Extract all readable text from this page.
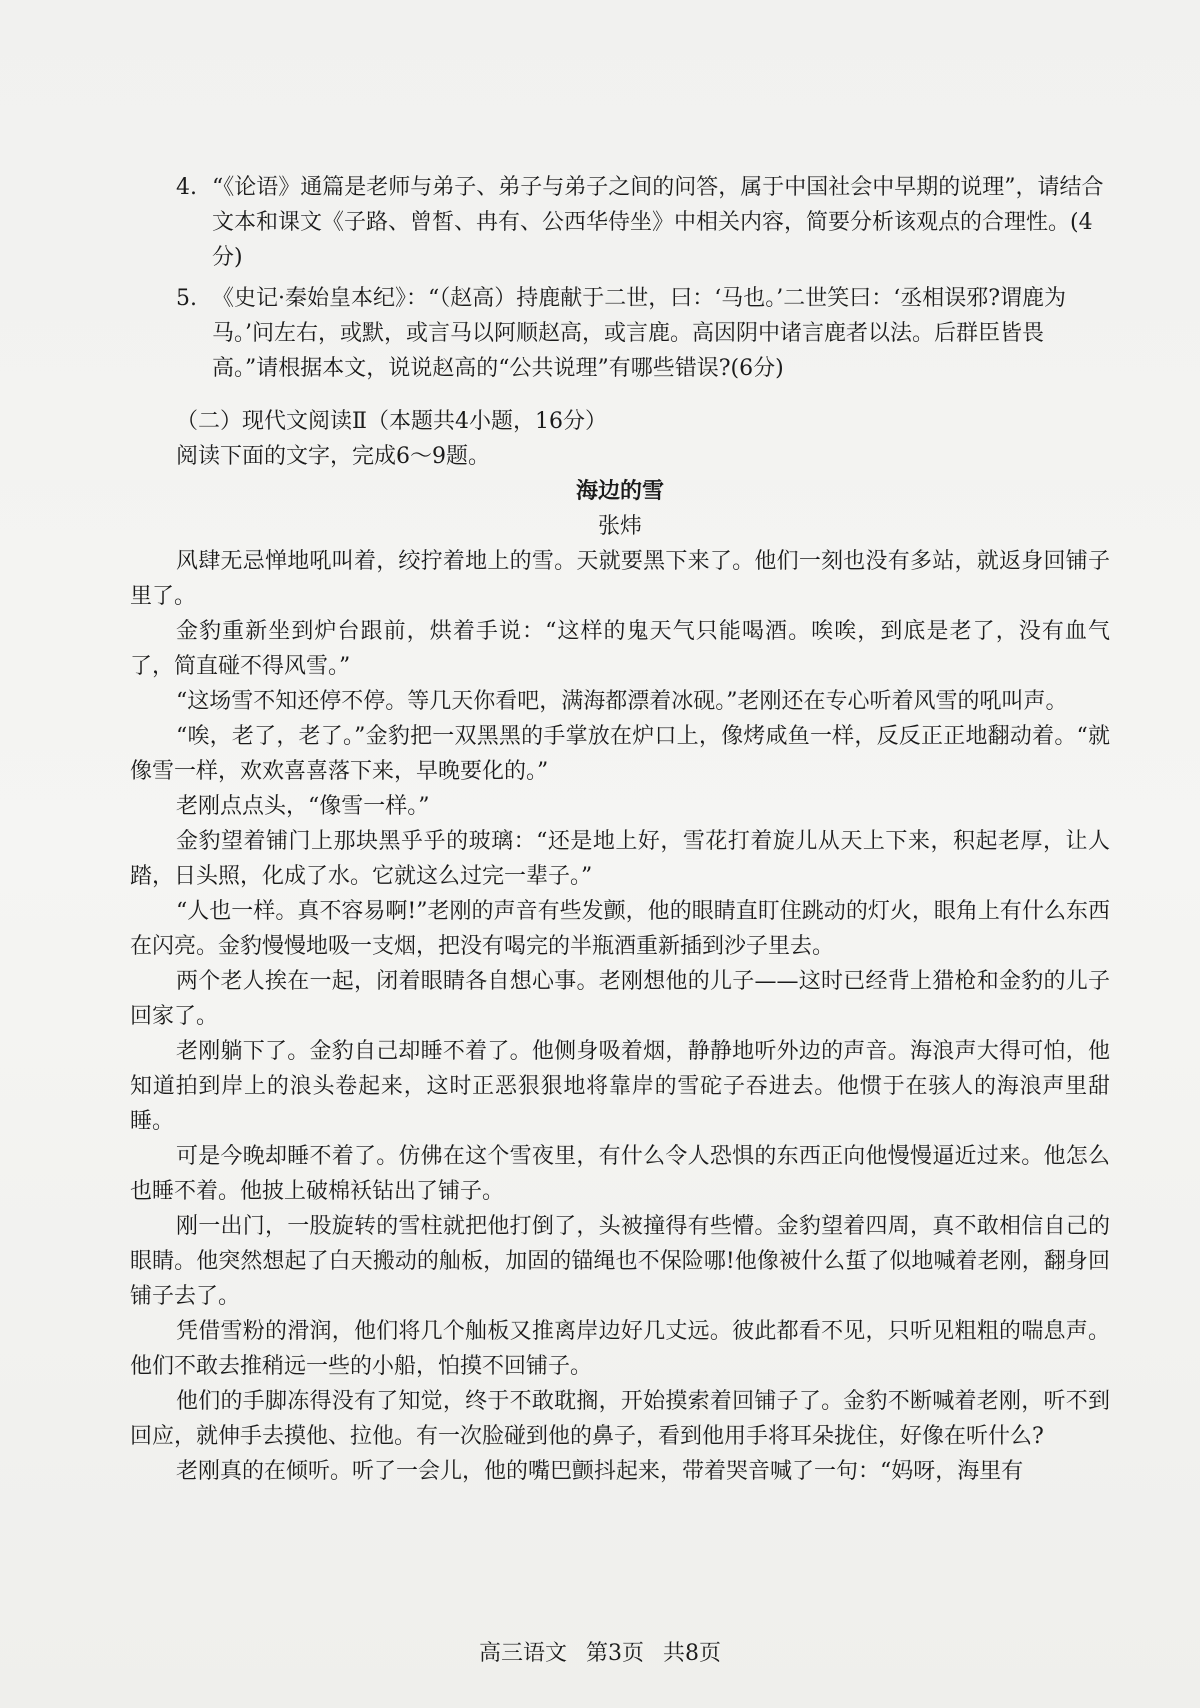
4. “《论语》通篇是老师与弟子、弟子与弟子之间的问答，属于中国社会中早期的说理”，请结合文本和课文《子路、曾皙、冉有、公西华侍坐》中相关内容，简要分析该观点的合理性。(4分)
5. 《史记·秦始皇本纪》：“（赵高）持鹿献于二世，曰：‘马也。’二世笑曰：‘丞相误邪?谓鹿为马。’问左右，或默，或言马以阿顺赵高，或言鹿。高因阴中诸言鹿者以法。后群臣皆畏高。”请根据本文，说说赵高的“公共说理”有哪些错误?(6分)

（二）现代文阅读Ⅱ（本题共4小题，16分）

阅读下面的文字，完成6～9题。

海边的雪

张炜

风肆无忌惮地吼叫着，绞拧着地上的雪。天就要黑下来了。他们一刻也没有多站，就返身回铺子里了。

金豹重新坐到炉台跟前，烘着手说：“这样的鬼天气只能喝酒。唉唉，到底是老了，没有血气了，简直碰不得风雪。”

“这场雪不知还停不停。等几天你看吧，满海都漂着冰砚。”老刚还在专心听着风雪的吼叫声。

“唉，老了，老了。”金豹把一双黑黑的手掌放在炉口上，像烤咸鱼一样，反反正正地翻动着。“就像雪一样，欢欢喜喜落下来，早晚要化的。”

老刚点点头，“像雪一样。”

金豹望着铺门上那块黑乎乎的玻璃：“还是地上好，雪花打着旋儿从天上下来，积起老厚，让人踏，日头照，化成了水。它就这么过完一辈子。”

“人也一样。真不容易啊!”老刚的声音有些发颤，他的眼睛直盯住跳动的灯火，眼角上有什么东西在闪亮。金豹慢慢地吸一支烟，把没有喝完的半瓶酒重新插到沙子里去。

两个老人挨在一起，闭着眼睛各自想心事。老刚想他的儿子——这时已经背上猎枪和金豹的儿子回家了。

老刚躺下了。金豹自己却睡不着了。他侧身吸着烟，静静地听外边的声音。海浪声大得可怕，他知道拍到岸上的浪头卷起来，这时正恶狠狠地将靠岸的雪砣子吞进去。他惯于在骇人的海浪声里甜睡。

可是今晚却睡不着了。仿佛在这个雪夜里，有什么令人恐惧的东西正向他慢慢逼近过来。他怎么也睡不着。他披上破棉袄钻出了铺子。

刚一出门，一股旋转的雪柱就把他打倒了，头被撞得有些懵。金豹望着四周，真不敢相信自己的眼睛。他突然想起了白天搬动的舢板，加固的锚绳也不保险哪!他像被什么蜇了似地喊着老刚，翻身回铺子去了。

凭借雪粉的滑润，他们将几个舢板又推离岸边好几丈远。彼此都看不见，只听见粗粗的喘息声。他们不敢去推稍远一些的小船，怕摸不回铺子。

他们的手脚冻得没有了知觉，终于不敢耽搁，开始摸索着回铺子了。金豹不断喊着老刚，听不到回应，就伸手去摸他、拉他。有一次脸碰到他的鼻子，看到他用手将耳朵拢住，好像在听什么?

老刚真的在倾听。听了一会儿，他的嘴巴颤抖起来，带着哭音喊了一句：“妈呀，海里有

高三语文 第3页 共8页
